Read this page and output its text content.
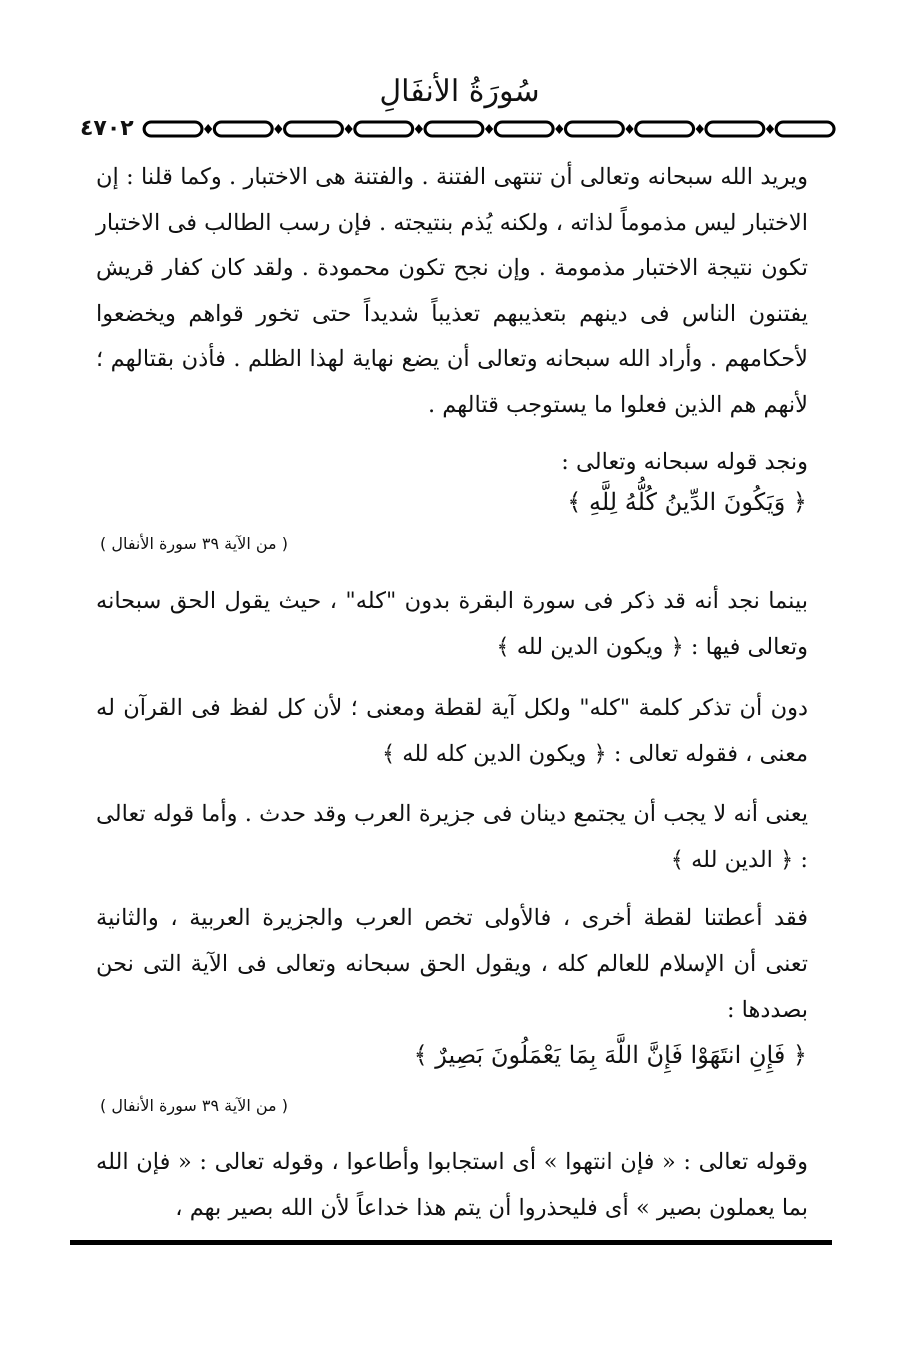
سُورَةُ الأنفَالِ
٤٧٠٢

ويريد الله سبحانه وتعالى أن تنتهى الفتنة . والفتنة هى الاختبار . وكما قلنا : إن الاختبار ليس مذموماً لذاته ، ولكنه يُذم بنتيجته . فإن رسب الطالب فى الاختبار تكون نتيجة الاختبار مذمومة . وإن نجح تكون محمودة . ولقد كان كفار قريش يفتنون الناس فى دينهم بتعذيبهم تعذيباً شديداً حتى تخور قواهم ويخضعوا لأحكامهم . وأراد الله سبحانه وتعالى أن يضع نهاية لهذا الظلم . فأذن بقتالهم ؛ لأنهم هم الذين فعلوا ما يستوجب قتالهم .

ونجد قوله سبحانه وتعالى :

﴿ وَيَكُونَ الدِّينُ كُلُّهُ لِلَّهِ ﴾
( من الآية ٣٩ سورة الأنفال )

بينما نجد أنه قد ذكر فى سورة البقرة بدون "كله" ، حيث يقول الحق سبحانه وتعالى فيها : ﴿ ويكون الدين لله ﴾

دون أن تذكر كلمة "كله" ولكل آية لقطة ومعنى ؛ لأن كل لفظ فى القرآن له معنى ، فقوله تعالى : ﴿ ويكون الدين كله لله ﴾

يعنى أنه لا يجب أن يجتمع دينان فى جزيرة العرب وقد حدث . وأما قوله تعالى : ﴿ الدين لله ﴾

فقد أعطتنا لقطة أخرى ، فالأولى تخص العرب والجزيرة العربية ، والثانية تعنى أن الإسلام للعالم كله ، ويقول الحق سبحانه وتعالى فى الآية التى نحن بصددها :

﴿ فَإِنِ انتَهَوْا فَإِنَّ اللَّهَ بِمَا يَعْمَلُونَ بَصِيرٌ ﴾
( من الآية ٣٩ سورة الأنفال )

وقوله تعالى : « فإن انتهوا » أى استجابوا وأطاعوا ، وقوله تعالى : « فإن الله بما يعملون بصير » أى فليحذروا أن يتم هذا خداعاً لأن الله بصير بهم ،
